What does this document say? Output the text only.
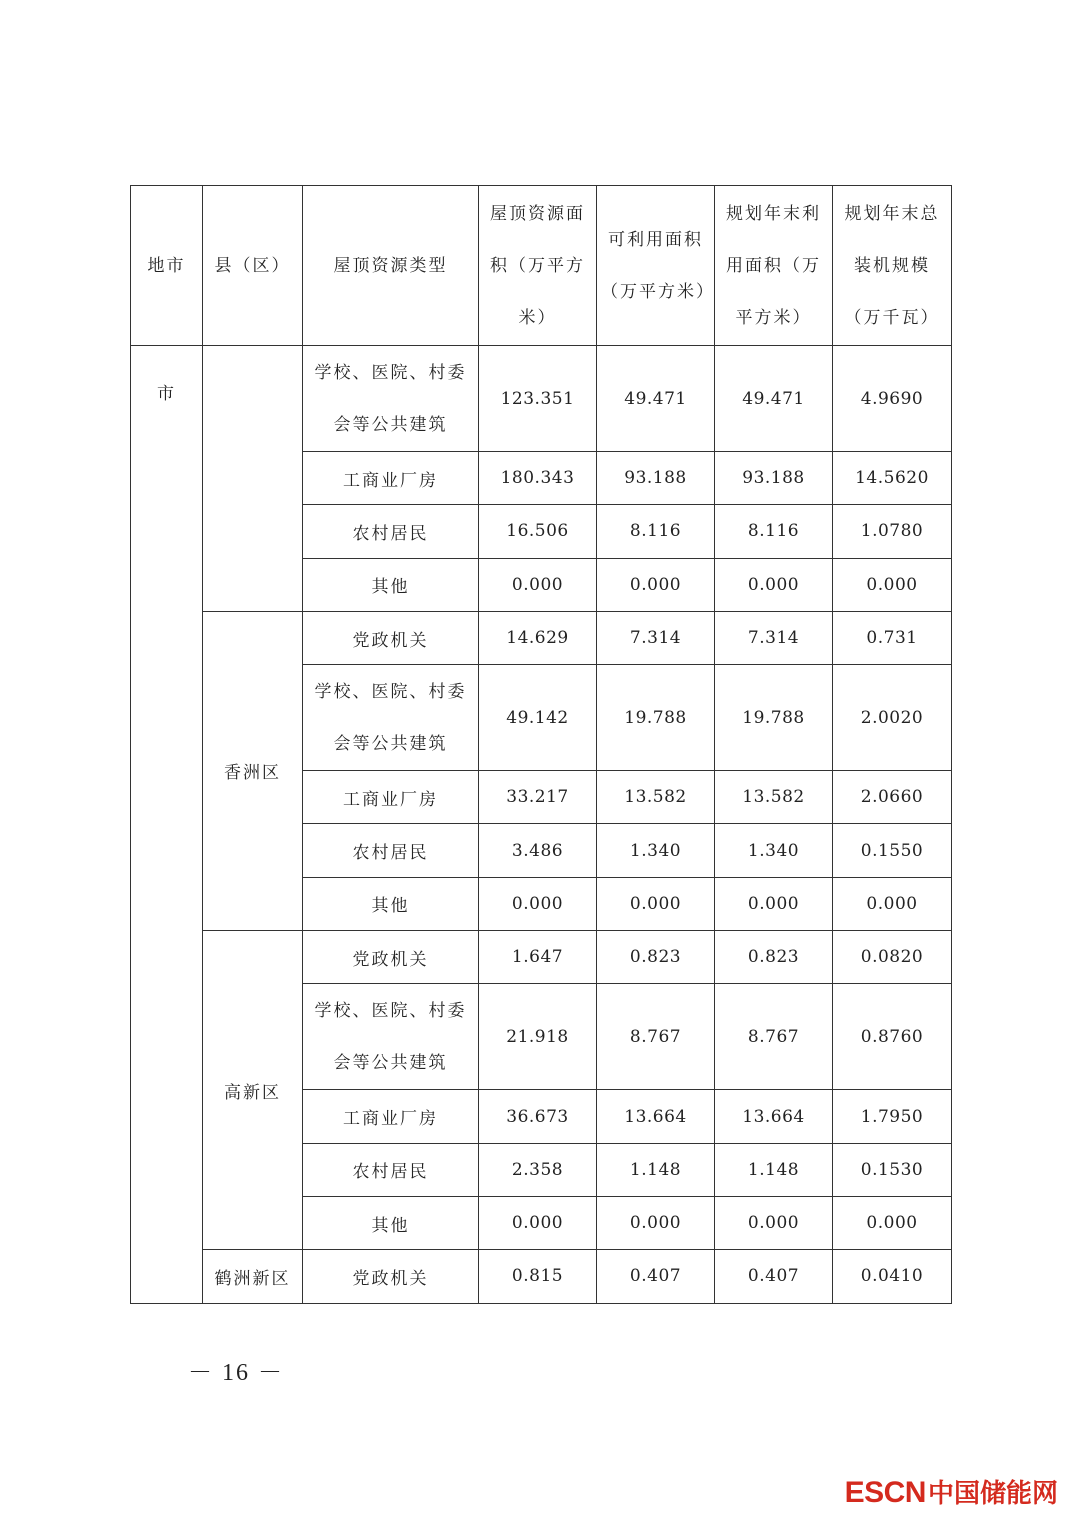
地市	县（区）	屋顶资源类型	屋顶资源面积（万平方米）	可利用面积（万平方米）	规划年末利用面积（万平方米）	规划年末总装机规模（万千瓦）
市		学校、医院、村委会等公共建筑	123.351	49.471	49.471	4.9690
		工商业厂房	180.343	93.188	93.188	14.5620
		农村居民	16.506	8.116	8.116	1.0780
		其他	0.000	0.000	0.000	0.000
	香洲区	党政机关	14.629	7.314	7.314	0.731
		学校、医院、村委会等公共建筑	49.142	19.788	19.788	2.0020
		工商业厂房	33.217	13.582	13.582	2.0660
		农村居民	3.486	1.340	1.340	0.1550
		其他	0.000	0.000	0.000	0.000
	高新区	党政机关	1.647	0.823	0.823	0.0820
		学校、医院、村委会等公共建筑	21.918	8.767	8.767	0.8760
		工商业厂房	36.673	13.664	13.664	1.7950
		农村居民	2.358	1.148	1.148	0.1530
		其他	0.000	0.000	0.000	0.000
	鹤洲新区	党政机关	0.815	0.407	0.407	0.0410
－ 16 －
ESCN中国储能网
